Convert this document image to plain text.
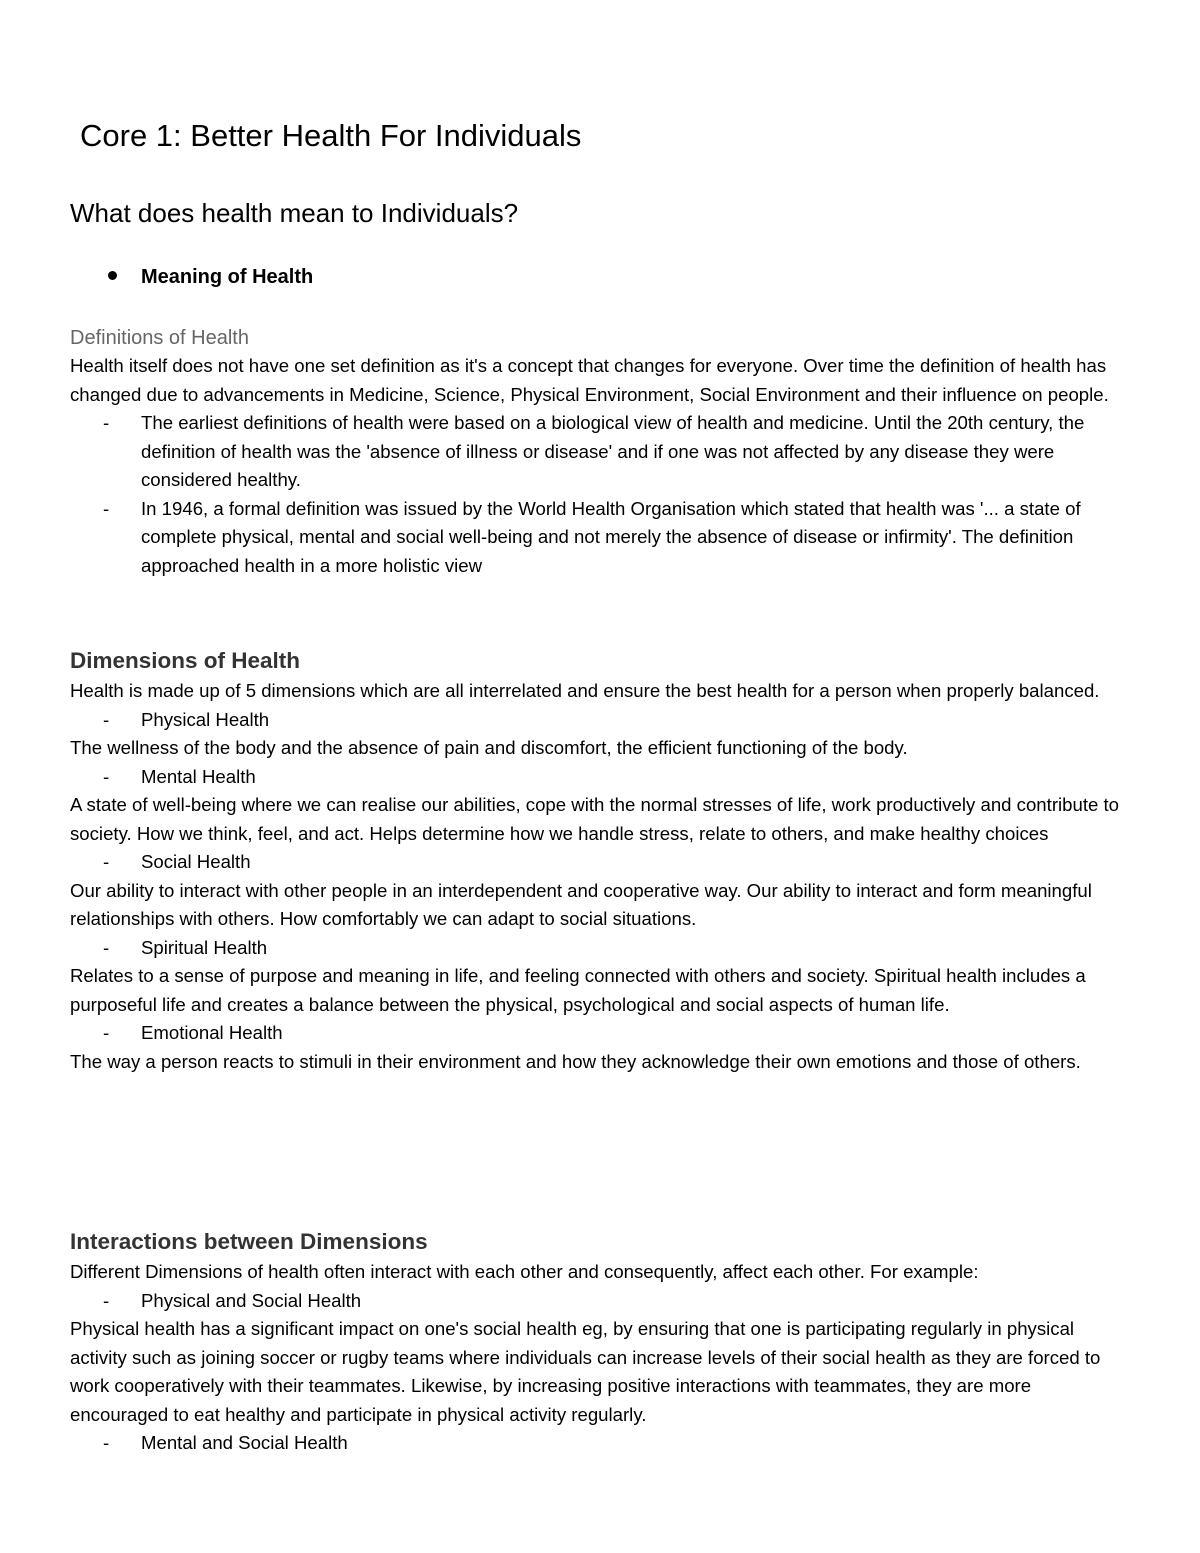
Core 1: Better Health For Individuals
What does health mean to Individuals?
Meaning of Health

Definitions of Health

Health itself does not have one set definition as it's a concept that changes for everyone. Over time the definition of health has changed due to advancements in Medicine, Science, Physical Environment, Social Environment and their influence on people.

- The earliest definitions of health were based on a biological view of health and medicine. Until the 20th century, the definition of health was the 'absence of illness or disease' and if one was not affected by any disease they were considered healthy.

- In 1946, a formal definition was issued by the World Health Organisation which stated that health was '... a state of complete physical, mental and social well-being and not merely the absence of disease or infirmity'. The definition approached health in a more holistic view

Dimensions of Health

Health is made up of 5 dimensions which are all interrelated and ensure the best health for a person when properly balanced.

- Physical Health

The wellness of the body and the absence of pain and discomfort, the efficient functioning of the body.

- Mental Health

A state of well-being where we can realise our abilities, cope with the normal stresses of life, work productively and contribute to society. How we think, feel, and act. Helps determine how we handle stress, relate to others, and make healthy choices

- Social Health

Our ability to interact with other people in an interdependent and cooperative way. Our ability to interact and form meaningful relationships with others. How comfortably we can adapt to social situations.

- Spiritual Health

Relates to a sense of purpose and meaning in life, and feeling connected with others and society. Spiritual health includes a purposeful life and creates a balance between the physical, psychological and social aspects of human life.

- Emotional Health

The way a person reacts to stimuli in their environment and how they acknowledge their own emotions and those of others.

Interactions between Dimensions

Different Dimensions of health often interact with each other and consequently, affect each other. For example:

- Physical and Social Health

Physical health has a significant impact on one's social health eg, by ensuring that one is participating regularly in physical activity such as joining soccer or rugby teams where individuals can increase levels of their social health as they are forced to work cooperatively with their teammates. Likewise, by increasing positive interactions with teammates, they are more encouraged to eat healthy and participate in physical activity regularly.

- Mental and Social Health
